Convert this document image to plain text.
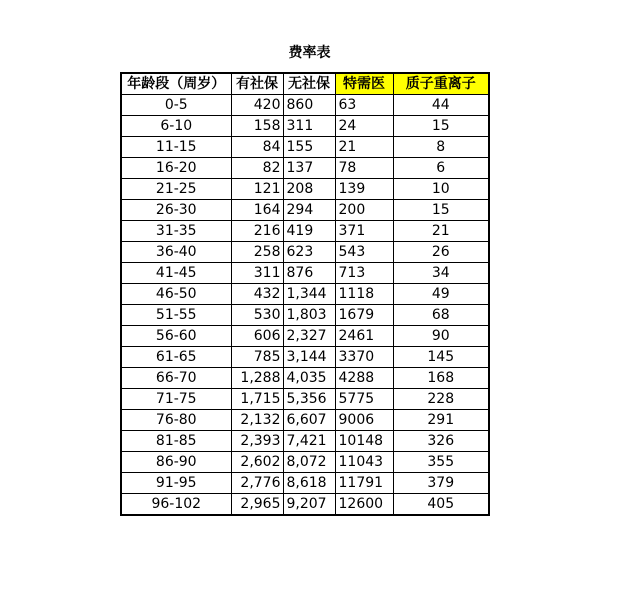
费率表
年龄段（周岁）	有社保	无社保	特需医	质子重离子
0-5	420	860	63	44
6-10	158	311	24	15
11-15	84	155	21	8
16-20	82	137	78	6
21-25	121	208	139	10
26-30	164	294	200	15
31-35	216	419	371	21
36-40	258	623	543	26
41-45	311	876	713	34
46-50	432	1,344	1118	49
51-55	530	1,803	1679	68
56-60	606	2,327	2461	90
61-65	785	3,144	3370	145
66-70	1,288	4,035	4288	168
71-75	1,715	5,356	5775	228
76-80	2,132	6,607	9006	291
81-85	2,393	7,421	10148	326
86-90	2,602	8,072	11043	355
91-95	2,776	8,618	11791	379
96-102	2,965	9,207	12600	405
